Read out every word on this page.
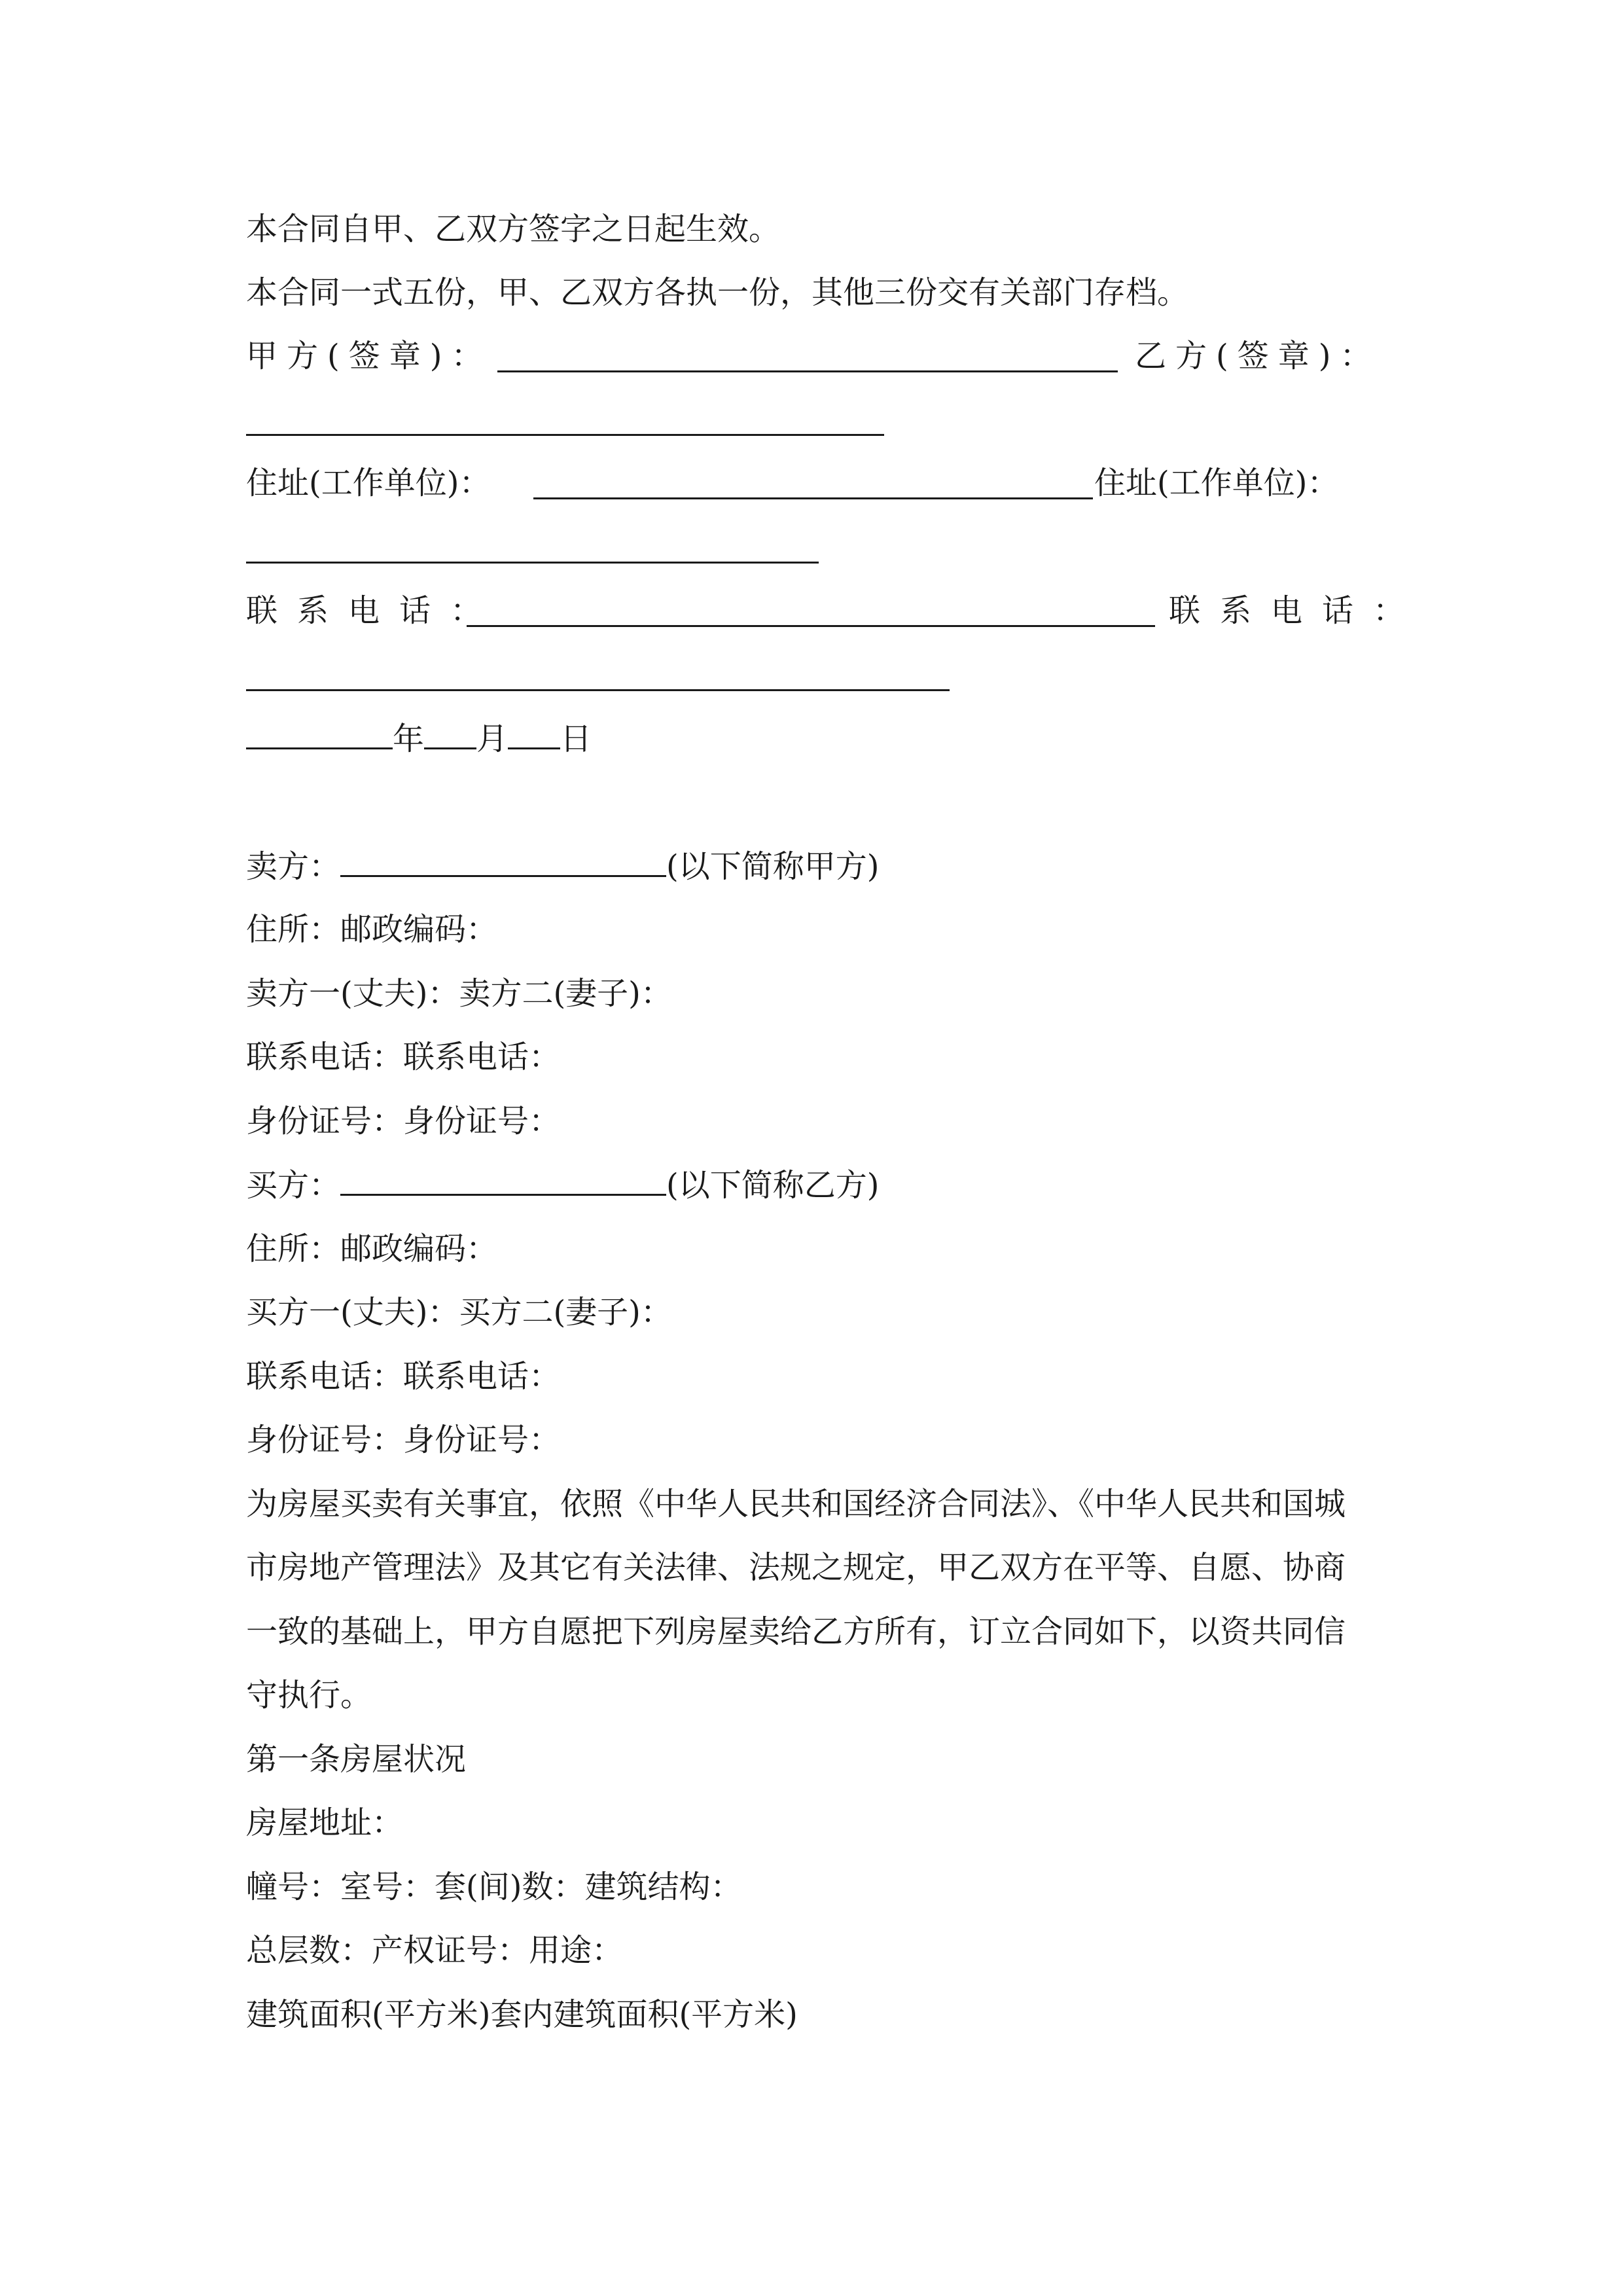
本合同自甲、乙双方签字之日起生效。
本合同一式五份，甲、乙双方各执一份，其他三份交有关部门存档。
甲方(签章)：	乙方(签章)：
住址(工作单位)：	住址(工作单位)：
联系电话：	联系电话：
年 月 日
卖方：	(以下简称甲方)
住所：邮政编码：
卖方一(丈夫)：卖方二(妻子)：
联系电话：联系电话：
身份证号：身份证号：
买方：	(以下简称乙方)
住所：邮政编码：
买方一(丈夫)：买方二(妻子)：
联系电话：联系电话：
身份证号：身份证号：
为房屋买卖有关事宜，依照《中华人民共和国经济合同法》、《中华人民共和国城
市房地产管理法》及其它有关法律、法规之规定，甲乙双方在平等、自愿、协商
一致的基础上，甲方自愿把下列房屋卖给乙方所有，订立合同如下，以资共同信
守执行。
第一条房屋状况
房屋地址：
幢号：室号：套(间)数：建筑结构：
总层数：产权证号：用途：
建筑面积(平方米)套内建筑面积(平方米)
